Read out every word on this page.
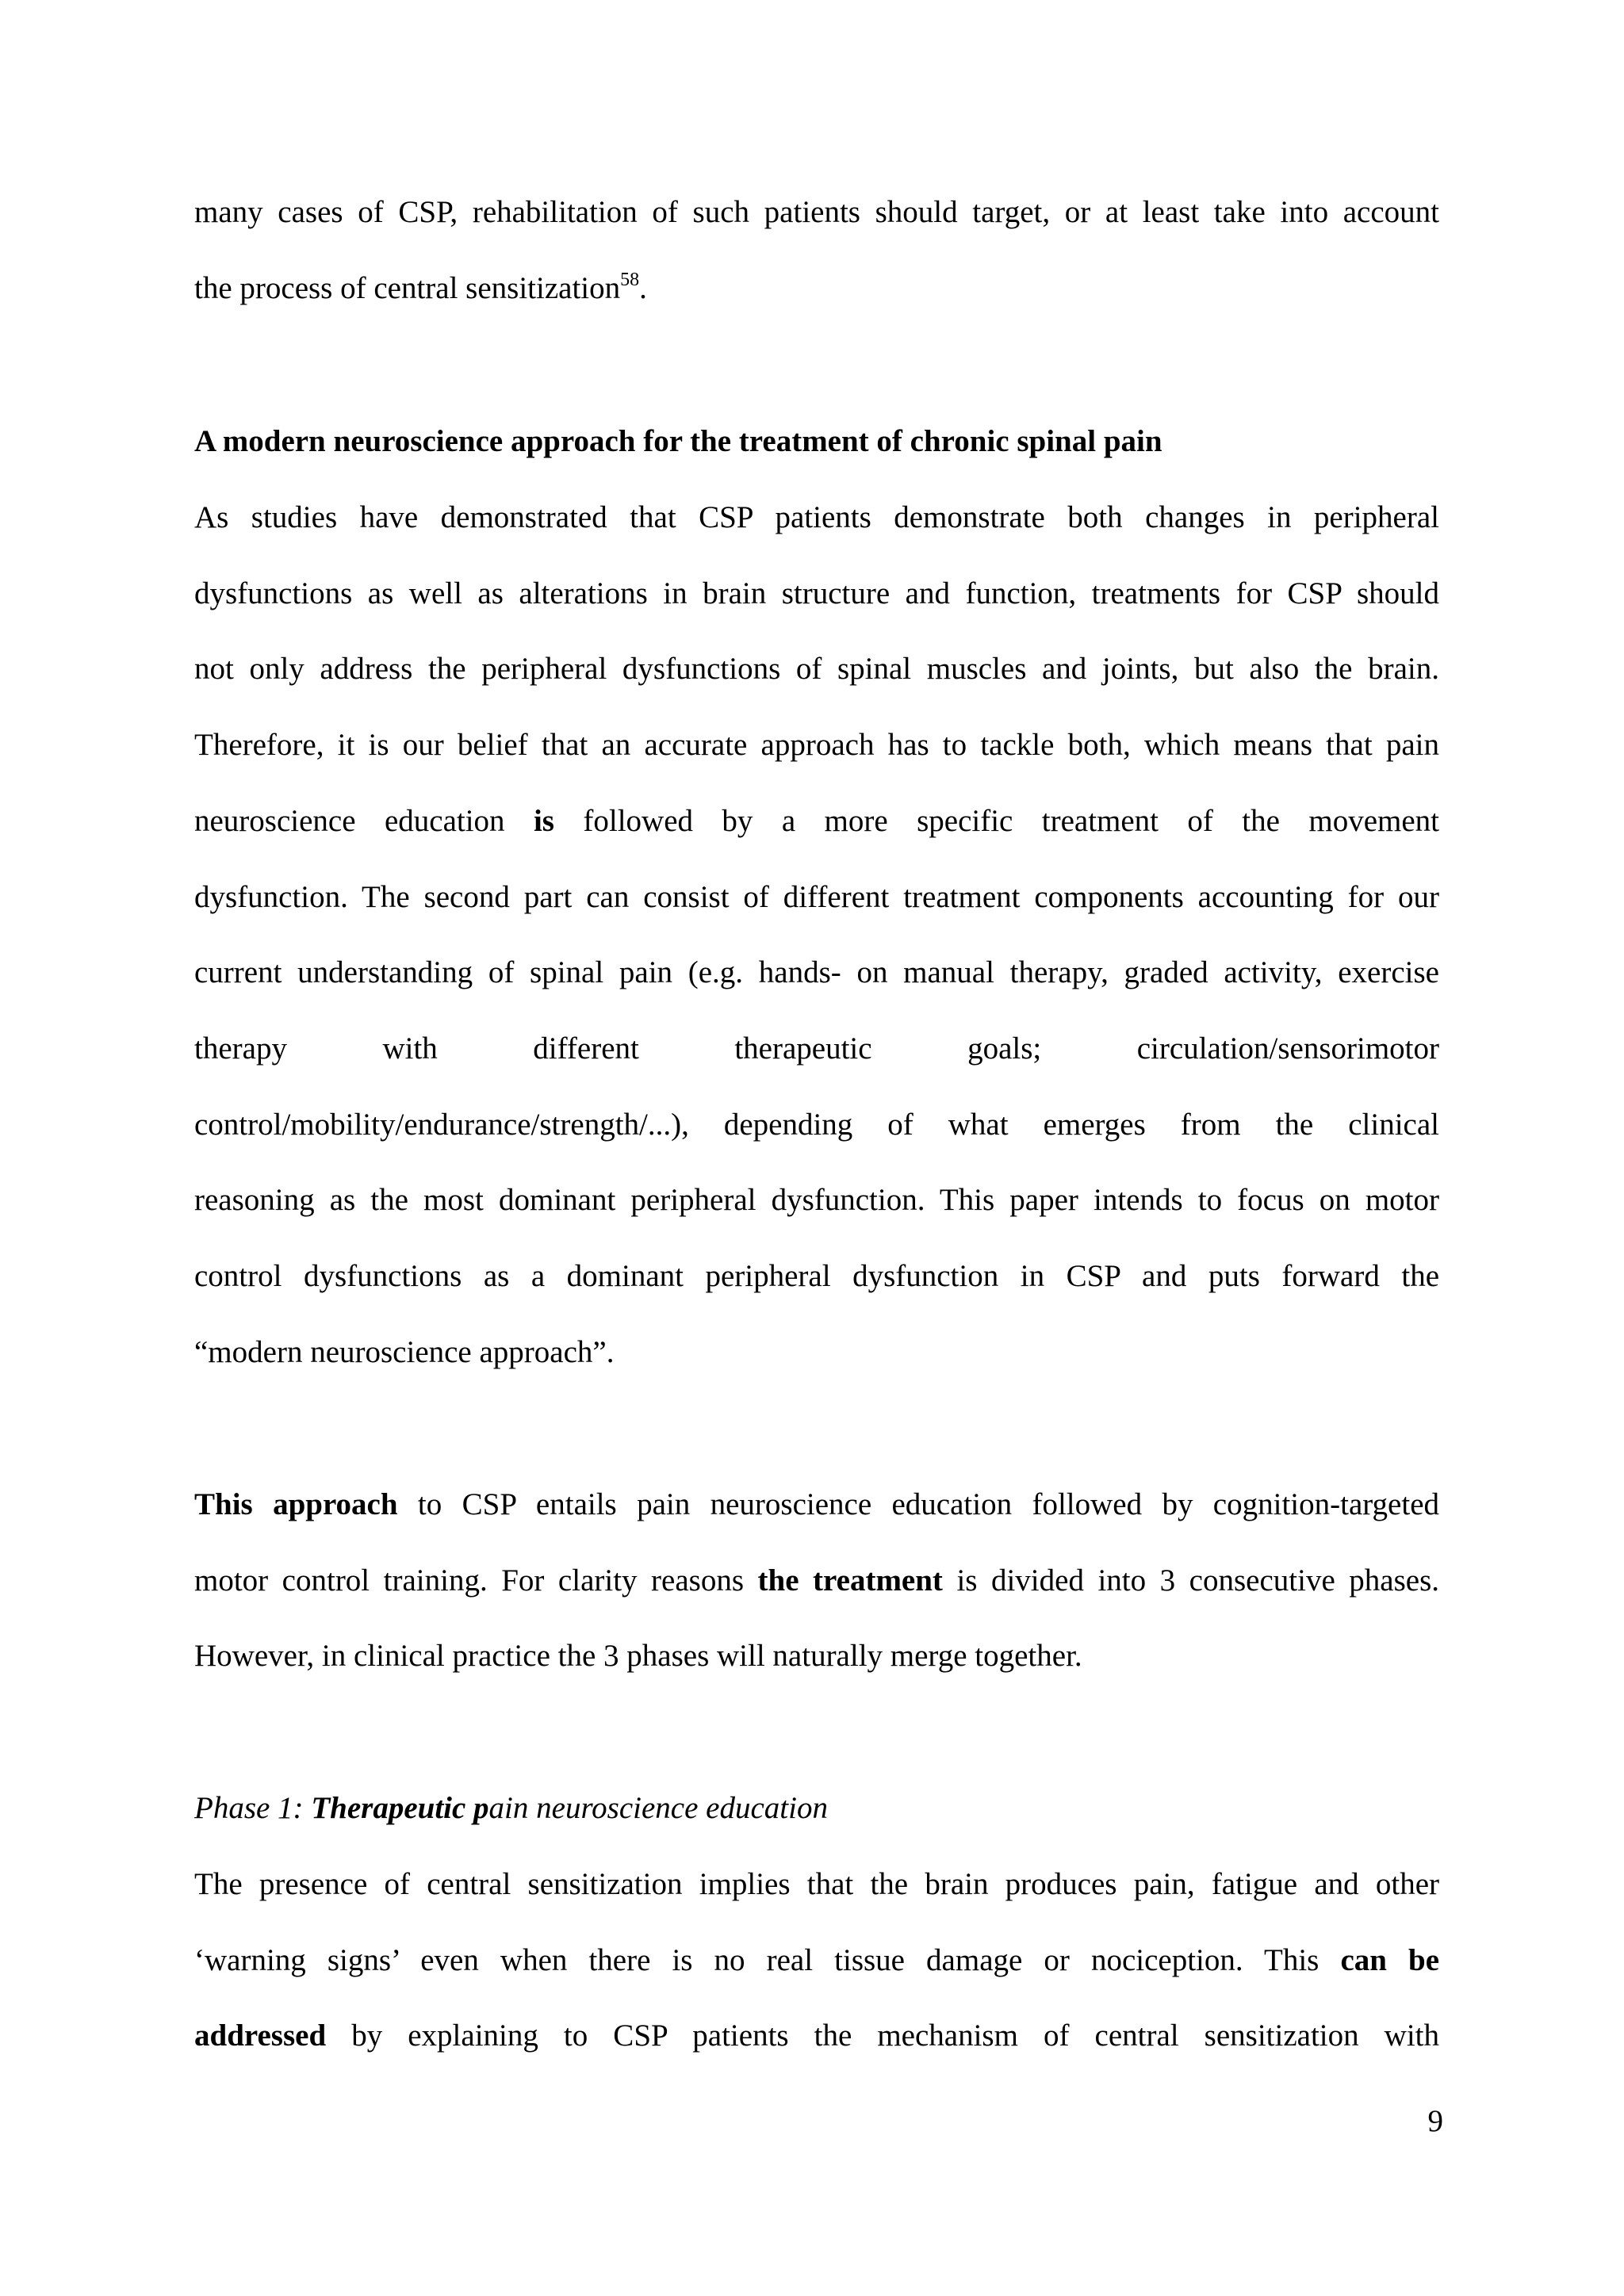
many cases of CSP, rehabilitation of such patients should target, or at least take into account
the process of central sensitization$^{58}$.
A modern neuroscience approach for the treatment of chronic spinal pain
As studies have demonstrated that CSP patients demonstrate both changes in peripheral
dysfunctions as well as alterations in brain structure and function, treatments for CSP should
not only address the peripheral dysfunctions of spinal muscles and joints, but also the brain.
Therefore, it is our belief that an accurate approach has to tackle both, which means that pain
neuroscience education is followed by a more specific treatment of the movement
dysfunction. The second part can consist of different treatment components accounting for our
current understanding of spinal pain (e.g. hands- on manual therapy, graded activity, exercise
therapy with different therapeutic goals; circulation/sensorimotor
control/mobility/endurance/strength/...), depending of what emerges from the clinical
reasoning as the most dominant peripheral dysfunction. This paper intends to focus on motor
control dysfunctions as a dominant peripheral dysfunction in CSP and puts forward the
“modern neuroscience approach”.
This approach to CSP entails pain neuroscience education followed by cognition-targeted
motor control training. For clarity reasons the treatment is divided into 3 consecutive phases.
However, in clinical practice the 3 phases will naturally merge together.
Phase 1: Therapeutic pain neuroscience education
The presence of central sensitization implies that the brain produces pain, fatigue and other
‘warning signs’ even when there is no real tissue damage or nociception. This can be
addressed by explaining to CSP patients the mechanism of central sensitization with
9
